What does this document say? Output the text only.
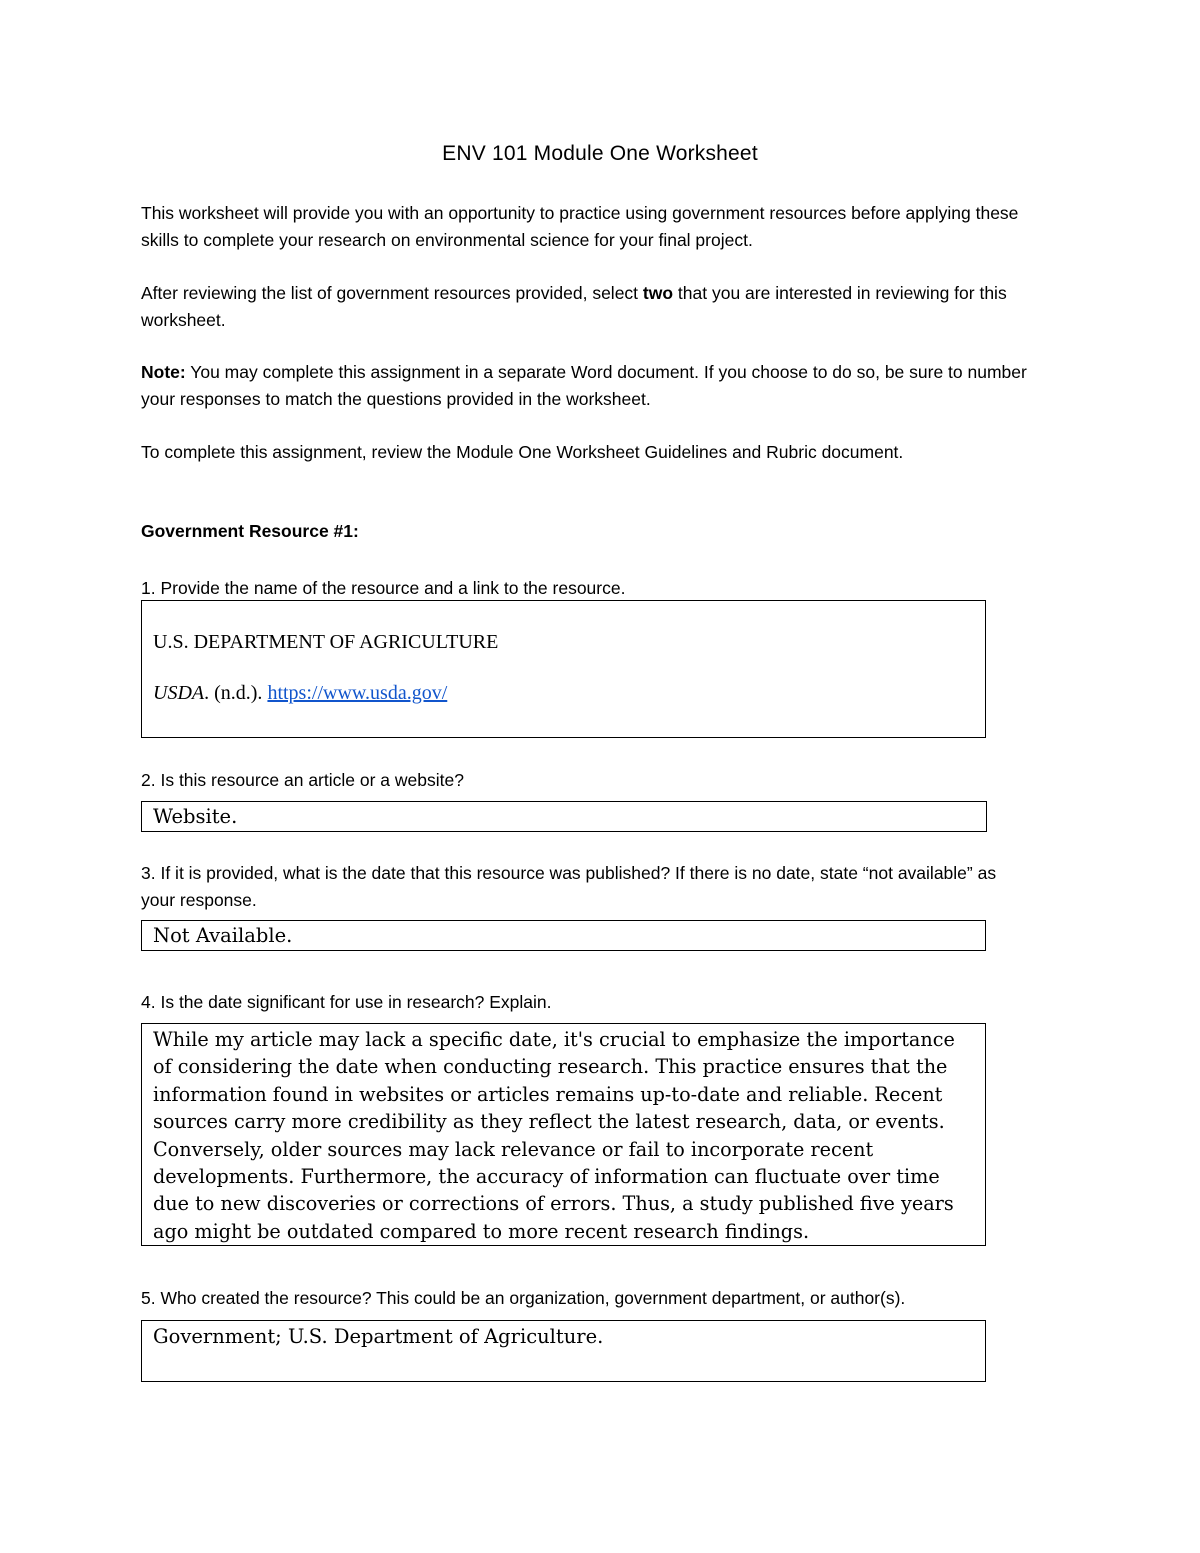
ENV 101 Module One Worksheet
This worksheet will provide you with an opportunity to practice using government resources before applying these skills to complete your research on environmental science for your final project.
After reviewing the list of government resources provided, select two that you are interested in reviewing for this worksheet.
Note: You may complete this assignment in a separate Word document. If you choose to do so, be sure to number your responses to match the questions provided in the worksheet.
To complete this assignment, review the Module One Worksheet Guidelines and Rubric document.
Government Resource #1:
1. Provide the name of the resource and a link to the resource.

U.S. DEPARTMENT OF AGRICULTURE

USDA. (n.d.). https://www.usda.gov/

2. Is this resource an article or a website?

Website.

3. If it is provided, what is the date that this resource was published? If there is no date, state “not available” as your response.

Not Available.

4. Is the date significant for use in research? Explain.

While my article may lack a specific date, it's crucial to emphasize the importance of considering the date when conducting research. This practice ensures that the information found in websites or articles remains up-to-date and reliable. Recent sources carry more credibility as they reflect the latest research, data, or events. Conversely, older sources may lack relevance or fail to incorporate recent developments. Furthermore, the accuracy of information can fluctuate over time due to new discoveries or corrections of errors. Thus, a study published five years ago might be outdated compared to more recent research findings.

5. Who created the resource? This could be an organization, government department, or author(s).

Government; U.S. Department of Agriculture.
